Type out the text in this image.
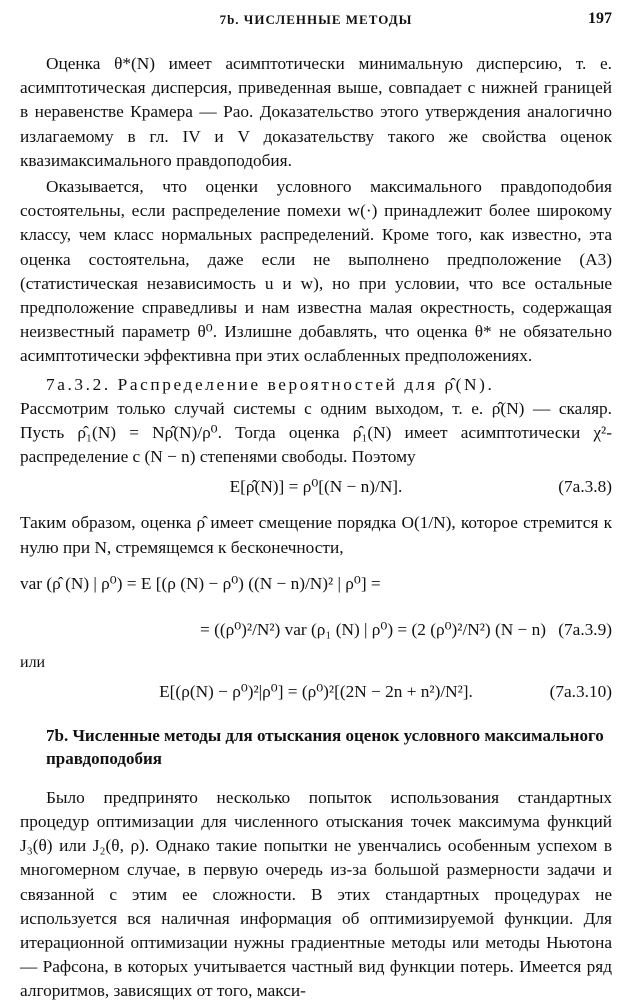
7b. ЧИСЛЕННЫЕ МЕТОДЫ	197

Оценка θ*(N) имеет асимптотически минимальную дисперсию, т. е. асимптотическая дисперсия, приведенная выше, совпадает с нижней границей в неравенстве Крамера — Рао. Доказательство этого утверждения аналогично излагаемому в гл. IV и V доказательству такого же свойства оценок квазимаксимального правдоподобия.

Оказывается, что оценки условного максимального правдоподобия состоятельны, если распределение помехи w(·) принадлежит более широкому классу, чем класс нормальных распределений. Кроме того, как известно, эта оценка состоятельна, даже если не выполнено предположение (A3) (статистическая независимость u и w), но при условии, что все остальные предположение справедливы и нам известна малая окрестность, содержащая неизвестный параметр θ⁰. Излишне добавлять, что оценка θ* не обязательно асимптотически эффективна при этих ослабленных предположениях.

7a.3.2. Распределение вероятностей для ρ̂(N).

Рассмотрим только случай системы с одним выходом, т. е. ρ̂(N) — скаляр. Пусть ρ̂₁(N) = Nρ̂(N)/ρ⁰. Тогда оценка ρ̂₁(N) имеет асимптотически χ²-распределение с (N − n) степенями свободы. Поэтому

E[ρ̂(N)] = ρ⁰[(N − n)/N].	(7a.3.8)

Таким образом, оценка ρ̂ имеет смещение порядка O(1/N), которое стремится к нулю при N, стремящемся к бесконечности,

var (ρ̂ (N) | ρ⁰) = E [(ρ (N) − ρ⁰) ((N − n)/N)² | ρ⁰] =
= ((ρ⁰)²/N²) var (ρ₁ (N) | ρ⁰) = (2 (ρ⁰)²/N²) (N − n) (7a.3.9)
или
E[(ρ(N) − ρ⁰)²|ρ⁰] = (ρ⁰)²[(2N − 2n + n²)/N²].	(7a.3.10)
7b. Численные методы для отыскания оценок условного максимального правдоподобия

Было предпринято несколько попыток использования стандартных процедур оптимизации для численного отыскания точек максимума функций J₃(θ) или J₂(θ, ρ). Однако такие попытки не увенчались особенным успехом в многомерном случае, в первую очередь из-за большой размерности задачи и связанной с этим ее сложности. В этих стандартных процедурах не используется вся наличная информация об оптимизируемой функции. Для итерационной оптимизации нужны градиентные методы или методы Ньютона — Рафсона, в которых учитывается частный вид функции потерь. Имеется ряд алгоритмов, зависящих от того, макси-
